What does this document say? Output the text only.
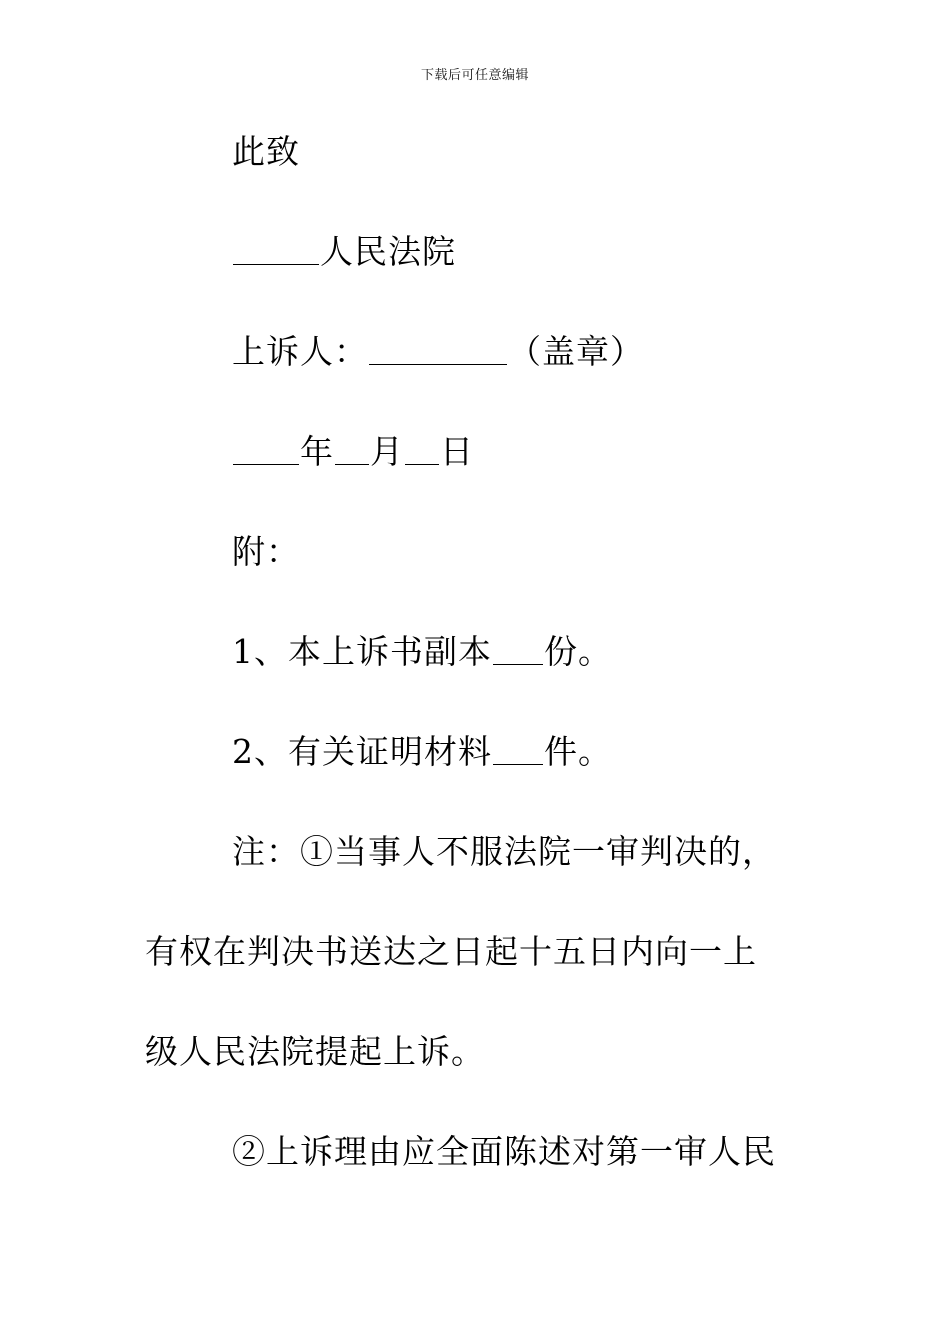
下载后可任意编辑
此致
人民法院
上诉人：	（盖章）
年 月 日
附：
1、本上诉书副本 份。
2、有关证明材料 件。
注：①当事人不服法院一审判决的，
有权在判决书送达之日起十五日内向一上
级人民法院提起上诉。
②上诉理由应全面陈述对第一审人民
